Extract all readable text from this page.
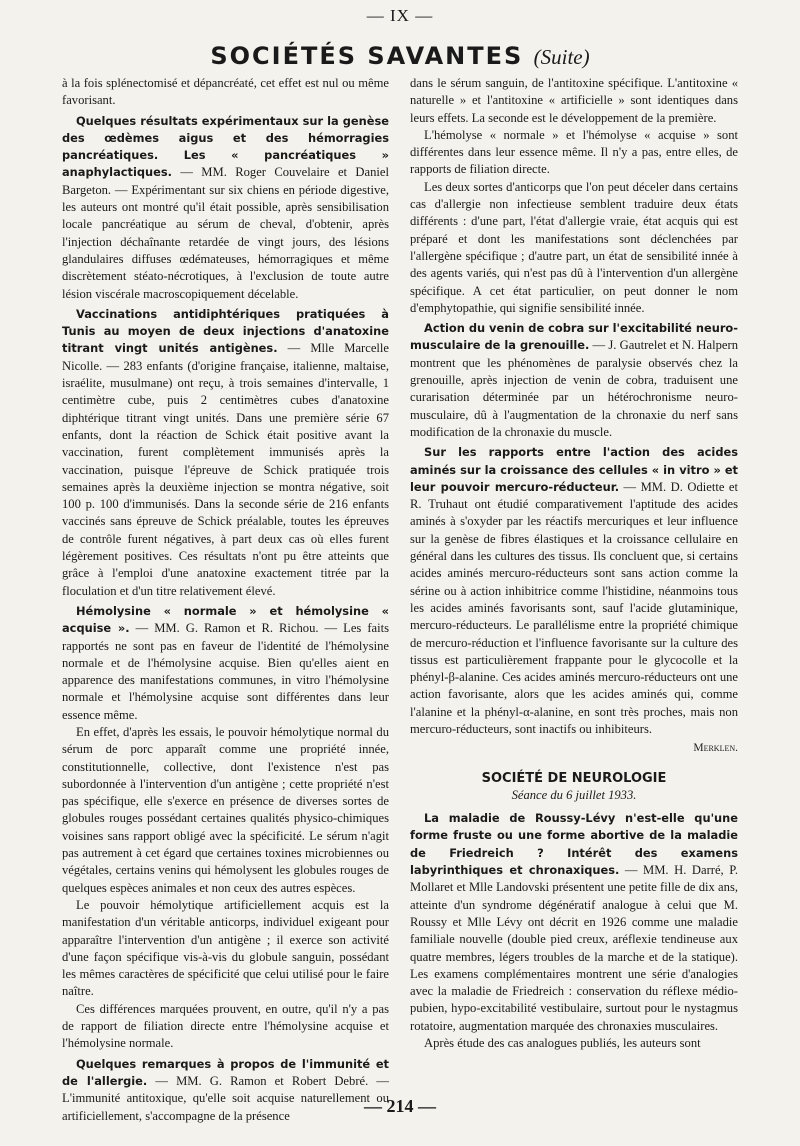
— IX —
SOCIÉTÉS SAVANTES (Suite)

à la fois splénectomisé et dépancréaté, cet effet est nul ou même favorisant.

Quelques résultats expérimentaux sur la genèse des œdèmes aigus et des hémorragies pancréatiques. Les « pancréatiques » anaphylactiques. — MM. Roger Couvelaire et Daniel Bargeton. — Expérimentant sur six chiens en période digestive, les auteurs ont montré qu'il était possible, après sensibilisation locale pancréatique au sérum de cheval, d'obtenir, après l'injection déchaînante retardée de vingt jours, des lésions glandulaires diffuses œdémateuses, hémorragiques et même discrètement stéato-nécrotiques, à l'exclusion de toute autre lésion viscérale macroscopiquement décelable.

Vaccinations antidiphtériques pratiquées à Tunis au moyen de deux injections d'anatoxine titrant vingt unités antigènes. — Mlle Marcelle Nicolle. — 283 enfants (d'origine française, italienne, maltaise, israélite, musulmane) ont reçu, à trois semaines d'intervalle, 1 centimètre cube, puis 2 centimètres cubes d'anatoxine diphtérique titrant vingt unités. Dans une première série 67 enfants, dont la réaction de Schick était positive avant la vaccination, furent complètement immunisés après la vaccination, puisque l'épreuve de Schick pratiquée trois semaines après la deuxième injection se montra négative, soit 100 p. 100 d'immunisés. Dans la seconde série de 216 enfants vaccinés sans épreuve de Schick préalable, toutes les épreuves de contrôle furent négatives, à part deux cas où elles furent légèrement positives. Ces résultats n'ont pu être atteints que grâce à l'emploi d'une anatoxine exactement titrée par la floculation et d'un titre relativement élevé.

Hémolysine « normale » et hémolysine « acquise ». — MM. G. Ramon et R. Richou. — Les faits rapportés ne sont pas en faveur de l'identité de l'hémolysine normale et de l'hémolysine acquise. Bien qu'elles aient en apparence des manifestations communes, in vitro l'hémolysine normale et l'hémolysine acquise sont différentes dans leur essence même.

En effet, d'après les essais, le pouvoir hémolytique normal du sérum de porc apparaît comme une propriété innée, constitutionnelle, collective, dont l'existence n'est pas subordonnée à l'intervention d'un antigène ; cette propriété n'est pas spécifique, elle s'exerce en présence de diverses sortes de globules rouges possédant certaines qualités physico-chimiques voisines sans rapport obligé avec la spécificité. Le sérum n'agit pas autrement à cet égard que certaines toxines microbiennes ou végétales, certains venins qui hémolysent les globules rouges de quelques espèces animales et non ceux des autres espèces.

Le pouvoir hémolytique artificiellement acquis est la manifestation d'un véritable anticorps, individuel exigeant pour apparaître l'intervention d'un antigène ; il exerce son activité d'une façon spécifique vis-à-vis du globule sanguin, possédant les mêmes caractères de spécificité que celui utilisé pour le faire naître.

Ces différences marquées prouvent, en outre, qu'il n'y a pas de rapport de filiation directe entre l'hémolysine acquise et l'hémolysine normale.

Quelques remarques à propos de l'immunité et de l'allergie. — MM. G. Ramon et Robert Debré. — L'immunité antitoxique, qu'elle soit acquise naturellement ou artificiellement, s'accompagne de la présence

dans le sérum sanguin, de l'antitoxine spécifique. L'antitoxine « naturelle » et l'antitoxine « artificielle » sont identiques dans leurs effets. La seconde est le développement de la première.

L'hémolyse « normale » et l'hémolyse « acquise » sont différentes dans leur essence même. Il n'y a pas, entre elles, de rapports de filiation directe.

Les deux sortes d'anticorps que l'on peut déceler dans certains cas d'allergie non infectieuse semblent traduire deux états différents : d'une part, l'état d'allergie vraie, état acquis qui est préparé et dont les manifestations sont déclenchées par l'allergène spécifique ; d'autre part, un état de sensibilité innée à des agents variés, qui n'est pas dû à l'intervention d'un allergène spécifique. A cet état particulier, on peut donner le nom d'emphytopathie, qui signifie sensibilité innée.

Action du venin de cobra sur l'excitabilité neuro-musculaire de la grenouille. — J. Gautrelet et N. Halpern montrent que les phénomènes de paralysie observés chez la grenouille, après injection de venin de cobra, traduisent une curarisation déterminée par un hétérochronisme neuro-musculaire, dû à l'augmentation de la chronaxie du nerf sans modification de la chronaxie du muscle.

Sur les rapports entre l'action des acides aminés sur la croissance des cellules « in vitro » et leur pouvoir mercuro-réducteur. — MM. D. Odiette et R. Truhaut ont étudié comparativement l'aptitude des acides aminés à s'oxyder par les réactifs mercuriques et leur influence sur la genèse de fibres élastiques et la croissance cellulaire en général dans les cultures des tissus. Ils concluent que, si certains acides aminés mercuro-réducteurs sont sans action comme la sérine ou à action inhibitrice comme l'histidine, néanmoins tous les acides aminés favorisants sont, sauf l'acide glutaminique, mercuro-réducteurs. Le parallélisme entre la propriété chimique de mercuro-réduction et l'influence favorisante sur la culture des tissus est particulièrement frappante pour le glycocolle et la phényl-β-alanine. Ces acides aminés mercuro-réducteurs ont une action favorisante, alors que les acides aminés qui, comme l'alanine et la phényl-α-alanine, en sont très proches, mais non mercuro-réducteurs, sont inactifs ou inhibiteurs.

Merklen.
SOCIÉTÉ DE NEUROLOGIE
Séance du 6 juillet 1933.

La maladie de Roussy-Lévy n'est-elle qu'une forme fruste ou une forme abortive de la maladie de Friedreich ? Intérêt des examens labyrinthiques et chronaxiques. — MM. H. Darré, P. Mollaret et Mlle Landovski présentent une petite fille de dix ans, atteinte d'un syndrome dégénératif analogue à celui que M. Roussy et Mlle Lévy ont décrit en 1926 comme une maladie familiale nouvelle (double pied creux, aréflexie tendineuse aux quatre membres, légers troubles de la marche et de la statique). Les examens complémentaires montrent une série d'analogies avec la maladie de Friedreich : conservation du réflexe médio-pubien, hypo-excitabilité vestibulaire, surtout pour le nystagmus rotatoire, augmentation marquée des chronaxies musculaires.

Après étude des cas analogues publiés, les auteurs sont

— 214 —
